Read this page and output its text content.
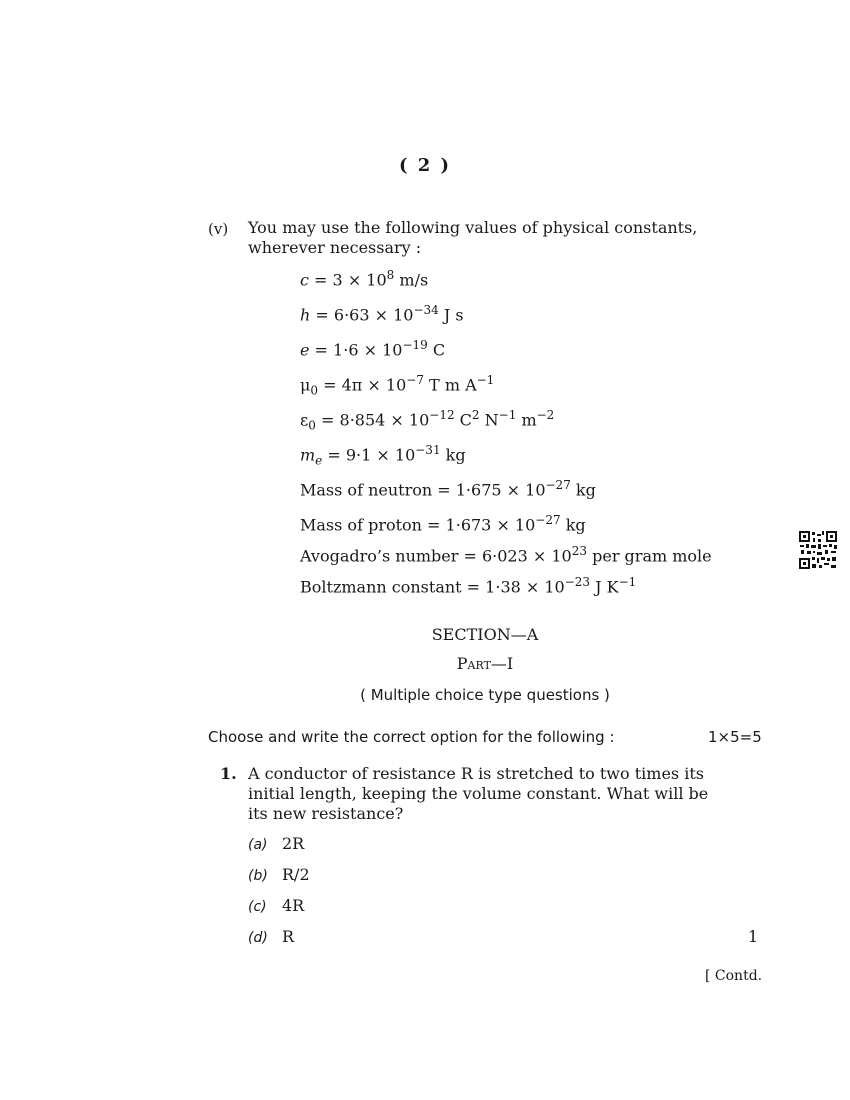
( 2 )
(v) You may use the following values of physical constants, wherever necessary :
$c = 3 \times 10^8$ m/s
$h = 6\cdot 63 \times 10^{-34}$ J s
$e = 1\cdot 6 \times 10^{-19}$ C
$\mu_0 = 4\pi \times 10^{-7}$ T m $A^{-1}$
$\varepsilon_0 = 8\cdot 854 \times 10^{-12}$ $C^2$ $N^{-1}$ $m^{-2}$
$m_e = 9\cdot 1 \times 10^{-31}$ kg
Mass of neutron = $1\cdot 675 \times 10^{-27}$ kg
Mass of proton = $1\cdot 673 \times 10^{-27}$ kg
Avogadro’s number = $6\cdot 023 \times 10^{23}$ per gram mole
Boltzmann constant = $1\cdot 38 \times 10^{-23}$ J $K^{-1}$
SECTION—A
Part—I
( Multiple choice type questions )
Choose and write the correct option for the following :	1×5=5
1. A conductor of resistance R is stretched to two times its initial length, keeping the volume constant. What will be its new resistance?
(a) 2R
(b) R/2
(c) 4R
(d) R	1
[ Contd.
